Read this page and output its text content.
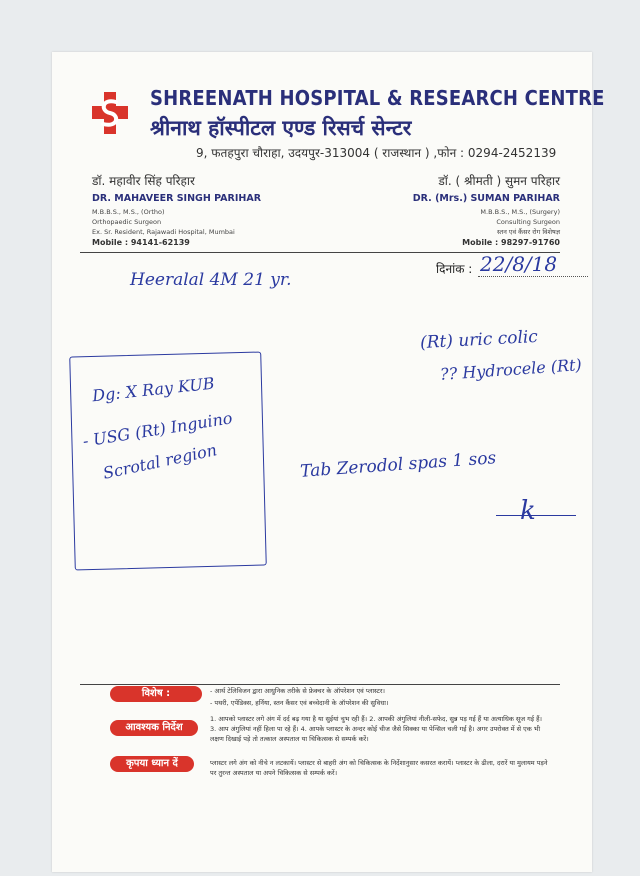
SHREENATH HOSPITAL & RESEARCH CENTRE
श्रीनाथ हॉस्पीटल एण्ड रिसर्च सेन्टर
9, फतहपुरा चौराहा, उदयपुर-313004 ( राजस्थान ) ,फोन : 0294-2452139
डॉ. महावीर सिंह परिहार
DR. MAHAVEER SINGH PARIHAR
M.B.B.S., M.S., (Ortho)
Orthopaedic Surgeon
Ex. Sr. Resident, Rajawadi Hospital, Mumbai
Mobile : 94141-62139
डॉ. ( श्रीमती ) सुमन परिहार
DR. (Mrs.) SUMAN PARIHAR
M.B.B.S., M.S., (Surgery)
Consulting Surgeon
स्तन एवं कैंसर रोग विशेषज्ञ
Mobile : 98297-91760
दिनांक : 22/8/18
Heeralal 4M 21 yr.
(Rt) uric colic
?? Hydrocele (Rt)
Dg: X Ray KUB
- USG (Rt) Inguino
Scrotal region	Tab Zerodol spas 1 sos
k
विशेष :
आवश्यक निर्देश
कृपया ध्यान दें
- आर्थ टेलिविजन द्वारा आधुनिक तरीके से फ्रेक्चर के ऑपरेशन एवं प्लास्टर।
- पथरी, एपेंडिक्स, हर्निया, स्तन कैंसर एवं बच्चेदानी के ऑपरेशन की सुविधा।
1. आपको प्लास्टर लगे अंग में दर्द बढ़ गया है या सुईयां चुभ रही हैं। 2. आपकी अंगुलियां नीली-सफेद, सुन्न पड़ गई हैं या अत्याधिक सूज गई हैं। 3. आप अंगुलियां नहीं हिला पा रहे हैं। 4. आपके प्लास्टर के अन्दर कोई चीज जैसे सिक्का या पेन्सिल चली गई है। अगर उपरोक्त में से एक भी लक्षण दिखाई पड़े तो तत्काल अस्पताल या चिकित्सक से सम्पर्क करें।
प्लास्टर लगे अंग को नीचे न लटकायें। प्लास्टर से बाहरी अंग को चिकित्सक के निर्देशानुसार कसरत करायें। प्लास्टर के ढीला, दरारें या मुलायम पड़ने पर तुरन्त अस्पताल या अपने चिकित्सक से सम्पर्क करें।
